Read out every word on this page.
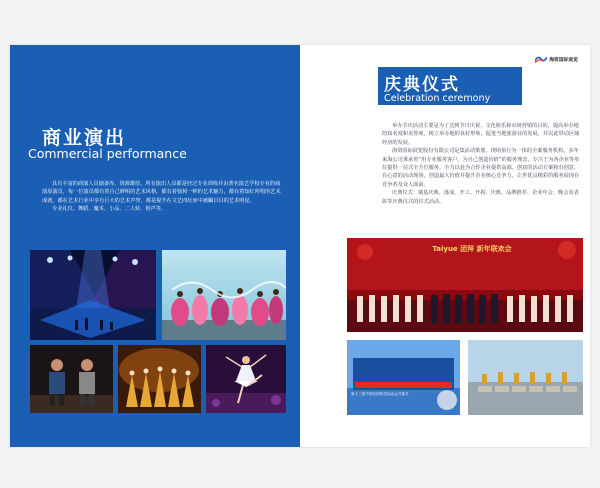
商业演出
Commercial performance

具有丰富的商演人员储备库、资源雄厚。所有演出人员都是经过专业训练并由著名演艺学校专业的商演原演员，每一位演员都有着自己鲜明的艺术风格，都有着独树一帜的艺术魅力，都有着知红所唱的艺术成就，都在艺术行业中享有巨大的艺术声誉，都是提升在文艺四坛而中被瞩目目的艺术明星。

专业礼仪、舞蹈、魔术、小品、二人转、相声等。

海资国际观览
庆典仪式
Celebration ceremony

举办节庆活动主要是为了达到节日庆祝、文化娱乐和市场营销的目的，提高举办地的知名度和美誉度，树立举办地的良好形象，促进当地旅游业的发展，并以此带动区域经济的发展。

海资国际展览股份有限公司是集活动策划、现场执行为一体的全案服务机构。多年来海公司秉承着“用专业服务客户，为自己创造价值”的服务理念，专注于为各企业等单位提供一站式全方位服务。全力以赴为合作企业提供高端、创意的活动方案和有创意、有心意的活动现场，创造最大价值并提升企业核心竞争力，让世优良精彩的服务展现在竞争者及众人面前。

庆典仪式：奠基庆典、落成、开工、开拆、庆典、品牌推荐、企业年会、晚会及表彰等庆典仪式的仪式活动。

Taiyue 团拜 新年联欢会
第十三届中国全国科学运动会开幕式
